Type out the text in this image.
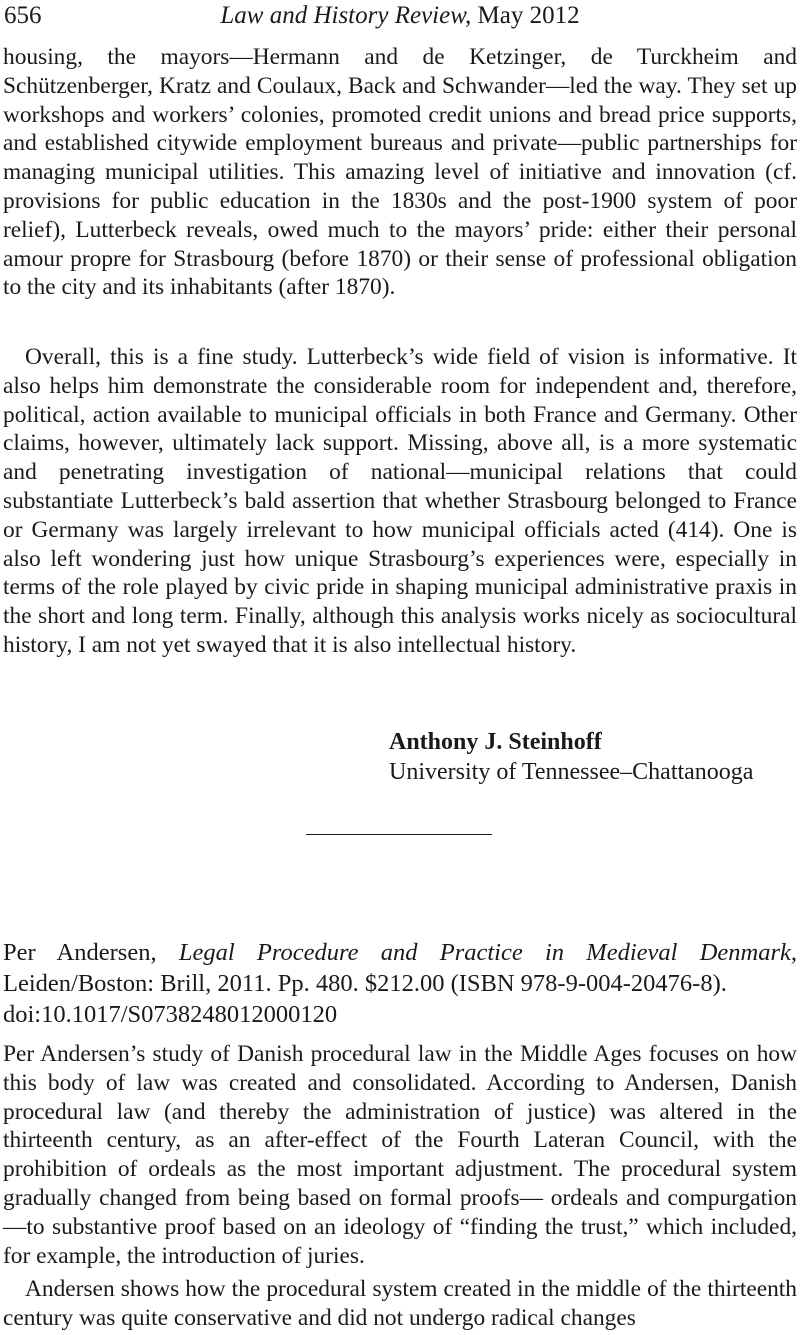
656	Law and History Review, May 2012

housing, the mayors—Hermann and de Ketzinger, de Turckheim and Schützenberger, Kratz and Coulaux, Back and Schwander—led the way. They set up workshops and workers’ colonies, promoted credit unions and bread price supports, and established citywide employment bureaus and private—public partnerships for managing municipal utilities. This amazing level of initiative and innovation (cf. provisions for public education in the 1830s and the post-1900 system of poor relief), Lutterbeck reveals, owed much to the mayors’ pride: either their personal amour propre for Strasbourg (before 1870) or their sense of professional obligation to the city and its inhabitants (after 1870).

Overall, this is a fine study. Lutterbeck’s wide field of vision is informative. It also helps him demonstrate the considerable room for independent and, therefore, political, action available to municipal officials in both France and Germany. Other claims, however, ultimately lack support. Missing, above all, is a more systematic and penetrating investigation of national—municipal relations that could substantiate Lutterbeck’s bald assertion that whether Strasbourg belonged to France or Germany was largely irrelevant to how municipal officials acted (414). One is also left wondering just how unique Strasbourg’s experiences were, especially in terms of the role played by civic pride in shaping municipal administrative praxis in the short and long term. Finally, although this analysis works nicely as sociocultural history, I am not yet swayed that it is also intellectual history.

Anthony J. Steinhoff
University of Tennessee–Chattanooga
Per Andersen, Legal Procedure and Practice in Medieval Denmark, Leiden/Boston: Brill, 2011. Pp. 480. $212.00 (ISBN 978-9-004-20476-8).
doi:10.1017/S0738248012000120

Per Andersen’s study of Danish procedural law in the Middle Ages focuses on how this body of law was created and consolidated. According to Andersen, Danish procedural law (and thereby the administration of justice) was altered in the thirteenth century, as an after-effect of the Fourth Lateran Council, with the prohibition of ordeals as the most important adjustment. The procedural system gradually changed from being based on formal proofs— ordeals and compurgation—to substantive proof based on an ideology of “finding the trust,” which included, for example, the introduction of juries.

Andersen shows how the procedural system created in the middle of the thirteenth century was quite conservative and did not undergo radical changes
